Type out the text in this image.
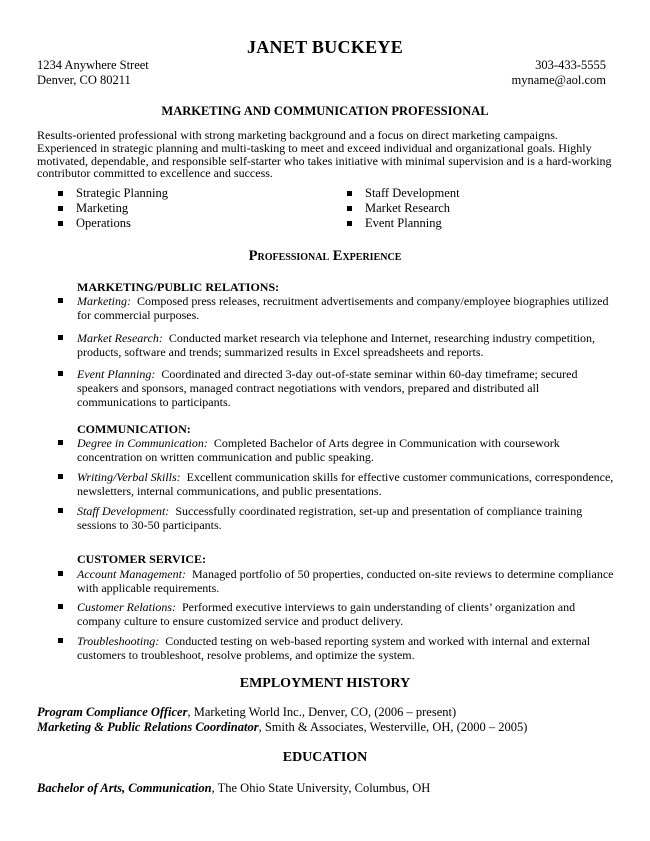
JANET BUCKEYE
1234 Anywhere Street
Denver, CO 80211
303-433-5555
myname@aol.com
MARKETING AND COMMUNICATION PROFESSIONAL

Results-oriented professional with strong marketing background and a focus on direct marketing campaigns. Experienced in strategic planning and multi-tasking to meet and exceed individual and organizational goals. Highly motivated, dependable, and responsible self-starter who takes initiative with minimal supervision and is a hard-working contributor committed to excellence and success.

Strategic Planning
Marketing
Operations
Staff Development
Market Research
Event Planning
Professional Experience
MARKETING/PUBLIC RELATIONS:
Marketing: Composed press releases, recruitment advertisements and company/employee biographies utilized for commercial purposes.
Market Research: Conducted market research via telephone and Internet, researching industry competition, products, software and trends; summarized results in Excel spreadsheets and reports.
Event Planning: Coordinated and directed 3-day out-of-state seminar within 60-day timeframe; secured speakers and sponsors, managed contract negotiations with vendors, prepared and distributed all communications to participants.
COMMUNICATION:
Degree in Communication: Completed Bachelor of Arts degree in Communication with coursework concentration on written communication and public speaking.
Writing/Verbal Skills: Excellent communication skills for effective customer communications, correspondence, newsletters, internal communications, and public presentations.
Staff Development: Successfully coordinated registration, set-up and presentation of compliance training sessions to 30-50 participants.
CUSTOMER SERVICE:
Account Management: Managed portfolio of 50 properties, conducted on-site reviews to determine compliance with applicable requirements.
Customer Relations: Performed executive interviews to gain understanding of clients’ organization and company culture to ensure customized service and product delivery.
Troubleshooting: Conducted testing on web-based reporting system and worked with internal and external customers to troubleshoot, resolve problems, and optimize the system.
EMPLOYMENT HISTORY
Program Compliance Officer, Marketing World Inc., Denver, CO, (2006 – present)
Marketing & Public Relations Coordinator, Smith & Associates, Westerville, OH, (2000 – 2005)
EDUCATION
Bachelor of Arts, Communication, The Ohio State University, Columbus, OH
